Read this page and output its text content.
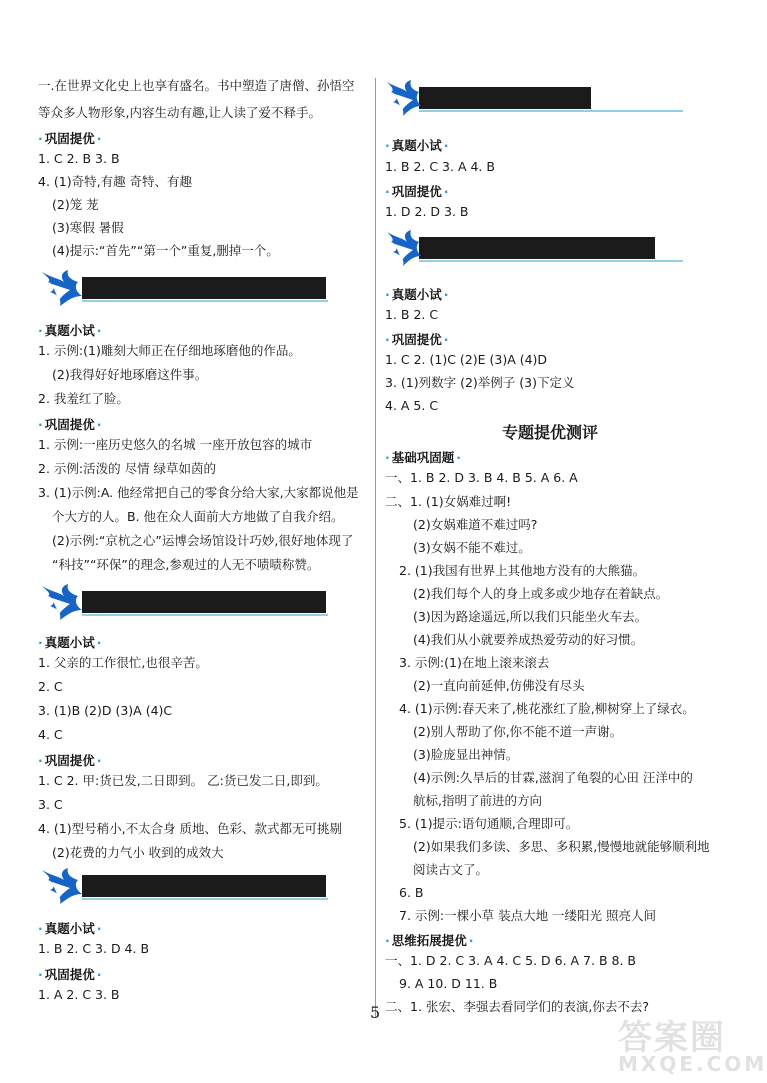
一.在世界文化史上也享有盛名。书中塑造了唐僧、孙悟空
等众多人物形象,内容生动有趣,让人读了爱不释手。
· 巩固提优 ·
1. C 2. B 3. B
4. (1)奇特,有趣 奇特、有趣
(2)笼 茏
(3)寒假 暑假
(4)提示:“首先”“第一个”重复,删掉一个。
· 真题小试 ·
1. 示例:(1)雕刻大师正在仔细地琢磨他的作品。
(2)我得好好地琢磨这件事。
2. 我羞红了脸。
· 巩固提优 ·
1. 示例:一座历史悠久的名城 一座开放包容的城市
2. 示例:活泼的 尽情 绿草如茵的
3. (1)示例:A. 他经常把自己的零食分给大家,大家都说他是
个大方的人。B. 他在众人面前大方地做了自我介绍。
(2)示例:“京杭之心”运博会场馆设计巧妙,很好地体现了
“科技”“环保”的理念,参观过的人无不啧啧称赞。
· 真题小试 ·
1. 父亲的工作很忙,也很辛苦。
2. C
3. (1)B (2)D (3)A (4)C
4. C
· 巩固提优 ·
1. C 2. 甲:货已发,二日即到。 乙:货已发二日,即到。
3. C
4. (1)型号稍小,不太合身 质地、色彩、款式都无可挑剔
(2)花费的力气小 收到的成效大
· 真题小试 ·
1. B 2. C 3. D 4. B
· 巩固提优 ·
1. A 2. C 3. B
· 真题小试 ·
1. B 2. C 3. A 4. B
· 巩固提优 ·
1. D 2. D 3. B
· 真题小试 ·
1. B 2. C
· 巩固提优 ·
1. C 2. (1)C (2)E (3)A (4)D
3. (1)列数字 (2)举例子 (3)下定义
4. A 5. C
专题提优测评
· 基础巩固题 ·
一、1. B 2. D 3. B 4. B 5. A 6. A
二、1. (1)女娲难过啊!
(2)女娲难道不难过吗?
(3)女娲不能不难过。
2. (1)我国有世界上其他地方没有的大熊猫。
(2)我们每个人的身上或多或少地存在着缺点。
(3)因为路途遥远,所以我们只能坐火车去。
(4)我们从小就要养成热爱劳动的好习惯。
3. 示例:(1)在地上滚来滚去
(2)一直向前延伸,仿佛没有尽头
4. (1)示例:春天来了,桃花涨红了脸,柳树穿上了绿衣。
(2)别人帮助了你,你不能不道一声谢。
(3)脸庞显出神情。
(4)示例:久旱后的甘霖,滋润了龟裂的心田 汪洋中的
航标,指明了前进的方向
5. (1)提示:语句通顺,合理即可。
(2)如果我们多读、多思、多积累,慢慢地就能够顺利地
阅读古文了。
6. B
7. 示例:一棵小草 装点大地 一缕阳光 照亮人间
· 思维拓展提优 ·
一、1. D 2. C 3. A 4. C 5. D 6. A 7. B 8. B
9. A 10. D 11. B
二、1. 张宏、李强去看同学们的表演,你去不去?
5
答案圈
MXQE.COM
